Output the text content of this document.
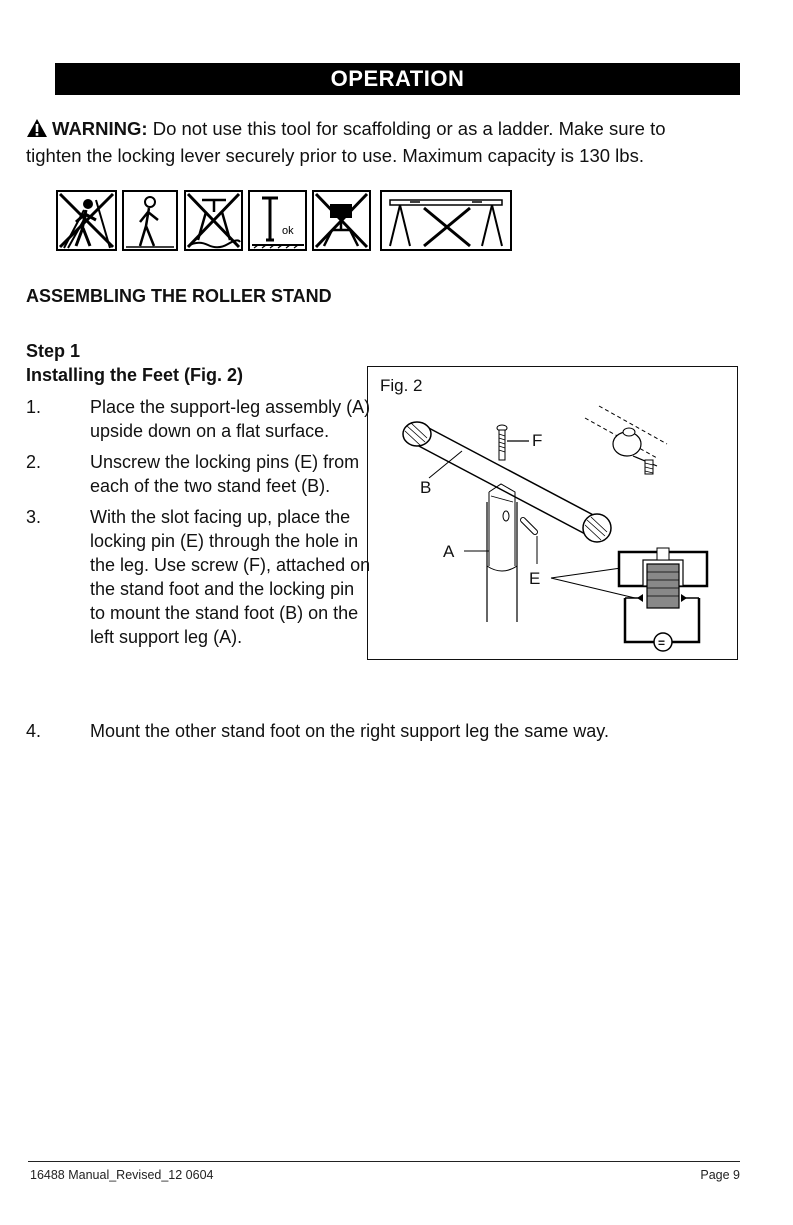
OPERATION
WARNING: Do not use this tool for scaffolding or as a ladder. Make sure to
tighten the locking lever securely prior to use. Maximum capacity is 130 lbs.
ok
ASSEMBLING THE ROLLER STAND
Step 1
Installing the Feet (Fig. 2)
1.	Place the support-leg assembly (A) upside down on a flat surface.
2.	Unscrew the locking pins (E) from each of the two stand feet (B).
3.	With the slot facing up, place the locking pin (E) through the hole in the leg. Use screw (F), attached on the stand foot and the locking pin to mount the stand foot (B) on the left support leg (A).
4.	Mount the other stand foot on the right support leg the same way.
Fig. 2
F
B
A
E
=
16488 Manual_Revised_12 0604	Page 9
